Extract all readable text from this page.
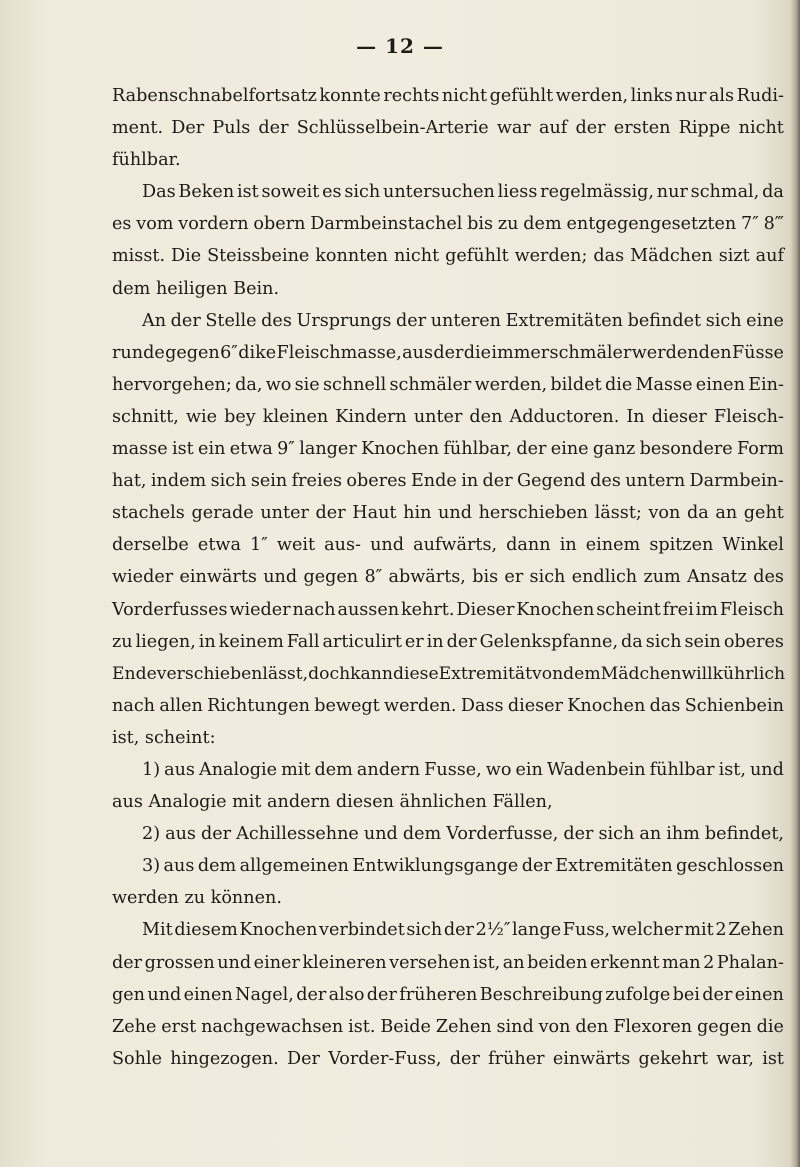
— 12 —
Rabenschnabelfortsatz konnte rechts nicht gefühlt werden, links nur als Rudi-
ment. Der Puls der Schlüsselbein-Arterie war auf der ersten Rippe nicht
fühlbar.
Das Beken ist soweit es sich untersuchen liess regelmässig, nur schmal, da
es vom vordern obern Darmbeinstachel bis zu dem entgegengesetzten 7″ 8‴
misst. Die Steissbeine konnten nicht gefühlt werden; das Mädchen sizt auf
dem heiligen Bein.
An der Stelle des Ursprungs der unteren Extremitäten befindet sich eine
runde gegen 6″ dike Fleischmasse, aus der die immer schmäler werdenden Füsse
hervorgehen; da, wo sie schnell schmäler werden, bildet die Masse einen Ein-
schnitt, wie bey kleinen Kindern unter den Adductoren. In dieser Fleisch-
masse ist ein etwa 9″ langer Knochen fühlbar, der eine ganz besondere Form
hat, indem sich sein freies oberes Ende in der Gegend des untern Darmbein-
stachels gerade unter der Haut hin und herschieben lässt; von da an geht
derselbe etwa 1″ weit aus- und aufwärts, dann in einem spitzen Winkel
wieder einwärts und gegen 8″ abwärts, bis er sich endlich zum Ansatz des
Vorderfusses wieder nach aussen kehrt. Dieser Knochen scheint frei im Fleisch
zu liegen, in keinem Fall articulirt er in der Gelenkspfanne, da sich sein oberes
Ende verschieben lässt, doch kann diese Extremität von dem Mädchen willkührlich
nach allen Richtungen bewegt werden. Dass dieser Knochen das Schienbein
ist, scheint:
1) aus Analogie mit dem andern Fusse, wo ein Wadenbein fühlbar ist, und
aus Analogie mit andern diesen ähnlichen Fällen,
2) aus der Achillessehne und dem Vorderfusse, der sich an ihm befindet,
3) aus dem allgemeinen Entwiklungsgange der Extremitäten geschlossen
werden zu können.
Mit diesem Knochen verbindet sich der 2½″ lange Fuss, welcher mit 2 Zehen
der grossen und einer kleineren versehen ist, an beiden erkennt man 2 Phalan-
gen und einen Nagel, der also der früheren Beschreibung zufolge bei der einen
Zehe erst nachgewachsen ist. Beide Zehen sind von den Flexoren gegen die
Sohle hingezogen. Der Vorder-Fuss, der früher einwärts gekehrt war, ist
